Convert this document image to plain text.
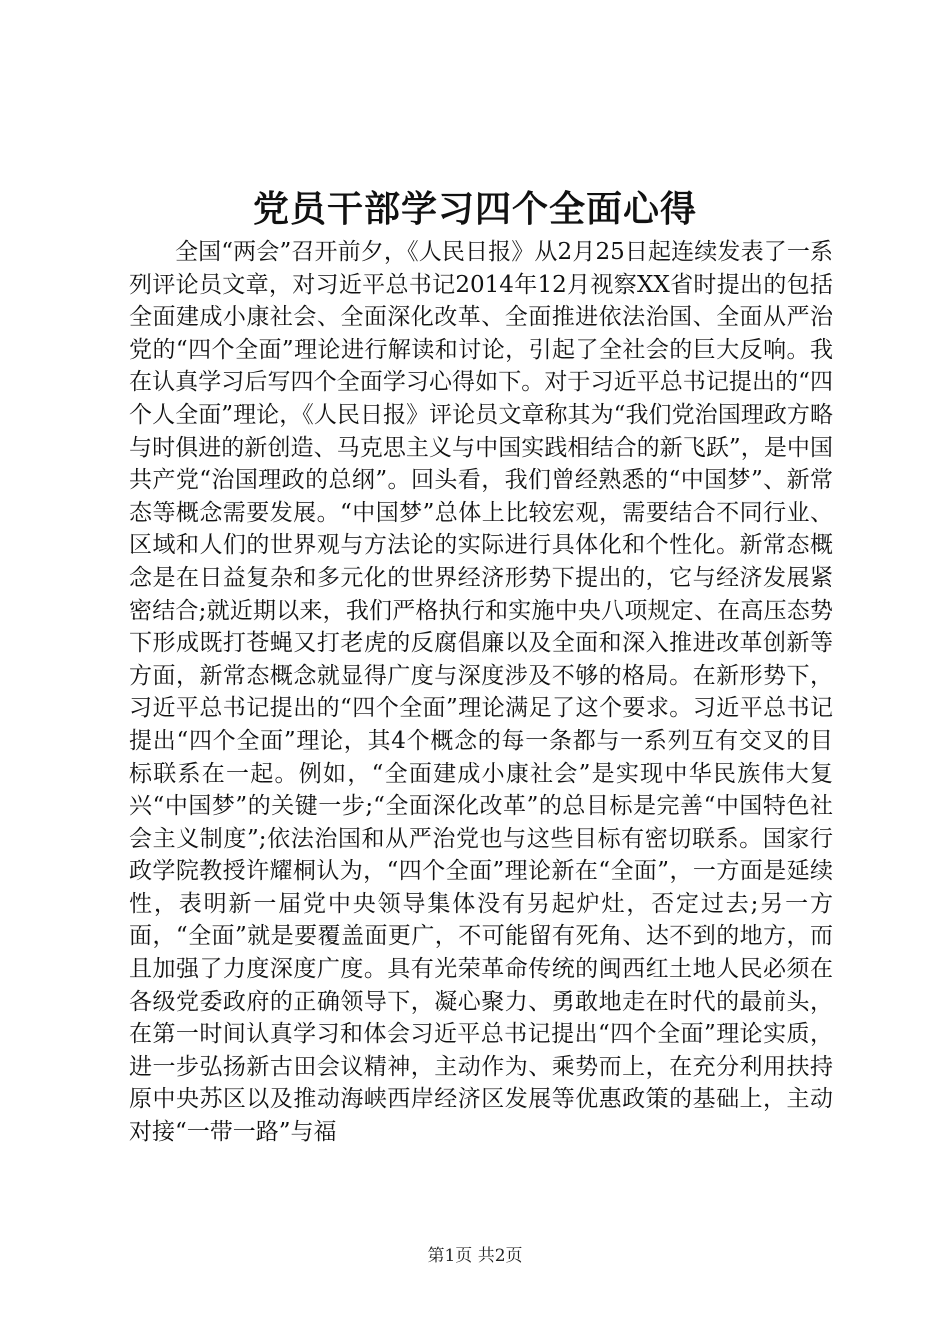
党员干部学习四个全面心得
全国“两会”召开前夕，《人民日报》从2月25日起连续发表了一系列评论员文章，对习近平总书记2014年12月视察XX省时提出的包括全面建成小康社会、全面深化改革、全面推进依法治国、全面从严治党的“四个全面”理论进行解读和讨论，引起了全社会的巨大反响。我在认真学习后写四个全面学习心得如下。对于习近平总书记提出的“四个人全面”理论，《人民日报》评论员文章称其为“我们党治国理政方略与时俱进的新创造、马克思主义与中国实践相结合的新飞跃”，是中国共产党“治国理政的总纲”。回头看，我们曾经熟悉的“中国梦”、新常态等概念需要发展。“中国梦”总体上比较宏观，需要结合不同行业、区域和人们的世界观与方法论的实际进行具体化和个性化。新常态概念是在日益复杂和多元化的世界经济形势下提出的，它与经济发展紧密结合;就近期以来，我们严格执行和实施中央八项规定、在高压态势下形成既打苍蝇又打老虎的反腐倡廉以及全面和深入推进改革创新等方面，新常态概念就显得广度与深度涉及不够的格局。在新形势下，习近平总书记提出的“四个全面”理论满足了这个要求。习近平总书记提出“四个全面”理论，其4个概念的每一条都与一系列互有交叉的目标联系在一起。例如，“全面建成小康社会”是实现中华民族伟大复兴“中国梦”的关键一步;“全面深化改革”的总目标是完善“中国特色社会主义制度”;依法治国和从严治党也与这些目标有密切联系。国家行政学院教授许耀桐认为，“四个全面”理论新在“全面”，一方面是延续性，表明新一届党中央领导集体没有另起炉灶，否定过去;另一方面，“全面”就是要覆盖面更广，不可能留有死角、达不到的地方，而且加强了力度深度广度。具有光荣革命传统的闽西红土地人民必须在各级党委政府的正确领导下，凝心聚力、勇敢地走在时代的最前头，在第一时间认真学习和体会习近平总书记提出“四个全面”理论实质，进一步弘扬新古田会议精神，主动作为、乘势而上，在充分利用扶持原中央苏区以及推动海峡西岸经济区发展等优惠政策的基础上，主动对接“一带一路”与福
第1页 共2页
